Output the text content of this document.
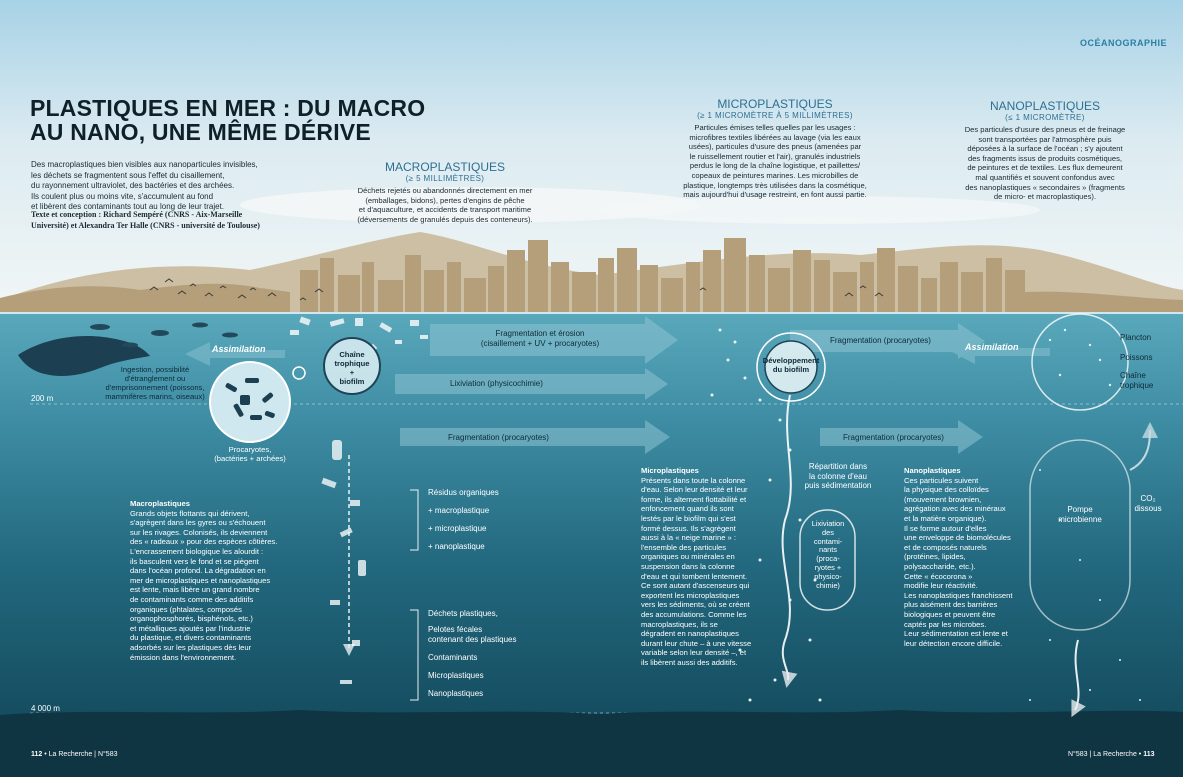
OCÉANOGRAPHIE
PLASTIQUES EN MER : DU MACRO
AU NANO, UNE MÊME DÉRIVE
Des macroplastiques bien visibles aux nanoparticules invisibles,
les déchets se fragmentent sous l'effet du cisaillement,
du rayonnement ultraviolet, des bactéries et des archées.
Ils coulent plus ou moins vite, s'accumulent au fond
et libèrent des contaminants tout au long de leur trajet.
Texte et conception : Richard Sempéré (CNRS - Aix-Marseille
Université) et Alexandra Ter Halle (CNRS - université de Toulouse)
MACROPLASTIQUES
(≥ 5 MILLIMÈTRES)
Déchets rejetés ou abandonnés directement en mer
(emballages, bidons), pertes d'engins de pêche
et d'aquaculture, et accidents de transport maritime
(déversements de granulés depuis des conteneurs).
MICROPLASTIQUES
(≥ 1 MICROMÈTRE À 5 MILLIMÈTRES)
Particules émises telles quelles par les usages :
microfibres textiles libérées au lavage (via les eaux
usées), particules d'usure des pneus (amenées par
le ruissellement routier et l'air), granulés industriels
perdus le long de la chaîne logistique, et paillettes/
copeaux de peintures marines. Les microbilles de
plastique, longtemps très utilisées dans la cosmétique,
mais aujourd'hui d'usage restreint, en font aussi partie.
NANOPLASTIQUES
(≤ 1 MICROMÈTRE)
Des particules d'usure des pneus et de freinage
sont transportées par l'atmosphère puis
déposées à la surface de l'océan ; s'y ajoutent
des fragments issus de produits cosmétiques,
de peintures et de textiles. Les flux demeurent
mal quantifiés et souvent confondus avec
des nanoplastiques « secondaires » (fragments
de micro- et macroplastiques).
Fragmentation et érosion
(cisaillement + UV + procaryotes)
Lixiviation (physicochimie)
Fragmentation (procaryotes)	Fragmentation (procaryotes)
Fragmentation (procaryotes)
Assimilation	Assimilation
Chaîne
trophique
+
biofilm
Développement
du biofilm
Ingestion, possibilité
d'étranglement ou
d'emprisonnement (poissons,
mammifères marins, oiseaux)
Procaryotes,
(bactéries + archées)
Répartition dans
la colonne d'eau
puis sédimentation
Lixiviation
des
contami-
nants
(proca-
ryotes +
physico-
chimie)
Pompe
microbienne
CO₂
dissous
Plancton
Poissons
Chaîne
trophique
200 m
4 000 m
Résidus organiques
+ macroplastique
+ microplastique
+ nanoplastique
Déchets plastiques,
Pelotes fécales
contenant des plastiques
Contaminants
Microplastiques
Nanoplastiques
Macroplastiques
Grands objets flottants qui dérivent,
s'agrègent dans les gyres ou s'échouent
sur les rivages. Colonisés, ils deviennent
des « radeaux » pour des espèces côtières.
L'encrassement biologique les alourdit :
ils basculent vers le fond et se piègent
dans l'océan profond. La dégradation en
mer de microplastiques et nanoplastiques
est lente, mais libère un grand nombre
de contaminants comme des additifs
organiques (phtalates, composés
organophosphorés, bisphénols, etc.)
et métalliques ajoutés par l'industrie
du plastique, et divers contaminants
adsorbés sur les plastiques dès leur
émission dans l'environnement.
Microplastiques
Présents dans toute la colonne
d'eau. Selon leur densité et leur
forme, ils alternent flottabilité et
enfoncement quand ils sont
lestés par le biofilm qui s'est
formé dessus. Ils s'agrègent
aussi à la « neige marine » :
l'ensemble des particules
organiques ou minérales en
suspension dans la colonne
d'eau et qui tombent lentement.
Ce sont autant d'ascenseurs qui
exportent les microplastiques
vers les sédiments, où se créent
des accumulations. Comme les
macroplastiques, ils se
dégradent en nanoplastiques
durant leur chute – à une vitesse
variable selon leur densité –, et
ils libèrent aussi des additifs.
Nanoplastiques
Ces particules suivent
la physique des colloïdes
(mouvement brownien,
agrégation avec des minéraux
et la matière organique).
Il se forme autour d'elles
une enveloppe de biomolécules
et de composés naturels
(protéines, lipides,
polysaccharide, etc.).
Cette « écocorona »
modifie leur réactivité.
Les nanoplastiques franchissent
plus aisément des barrières
biologiques et peuvent être
captés par les microbes.
Leur sédimentation est lente et
leur détection encore difficile.
112 • La Recherche | N°583	N°583 | La Recherche • 113
